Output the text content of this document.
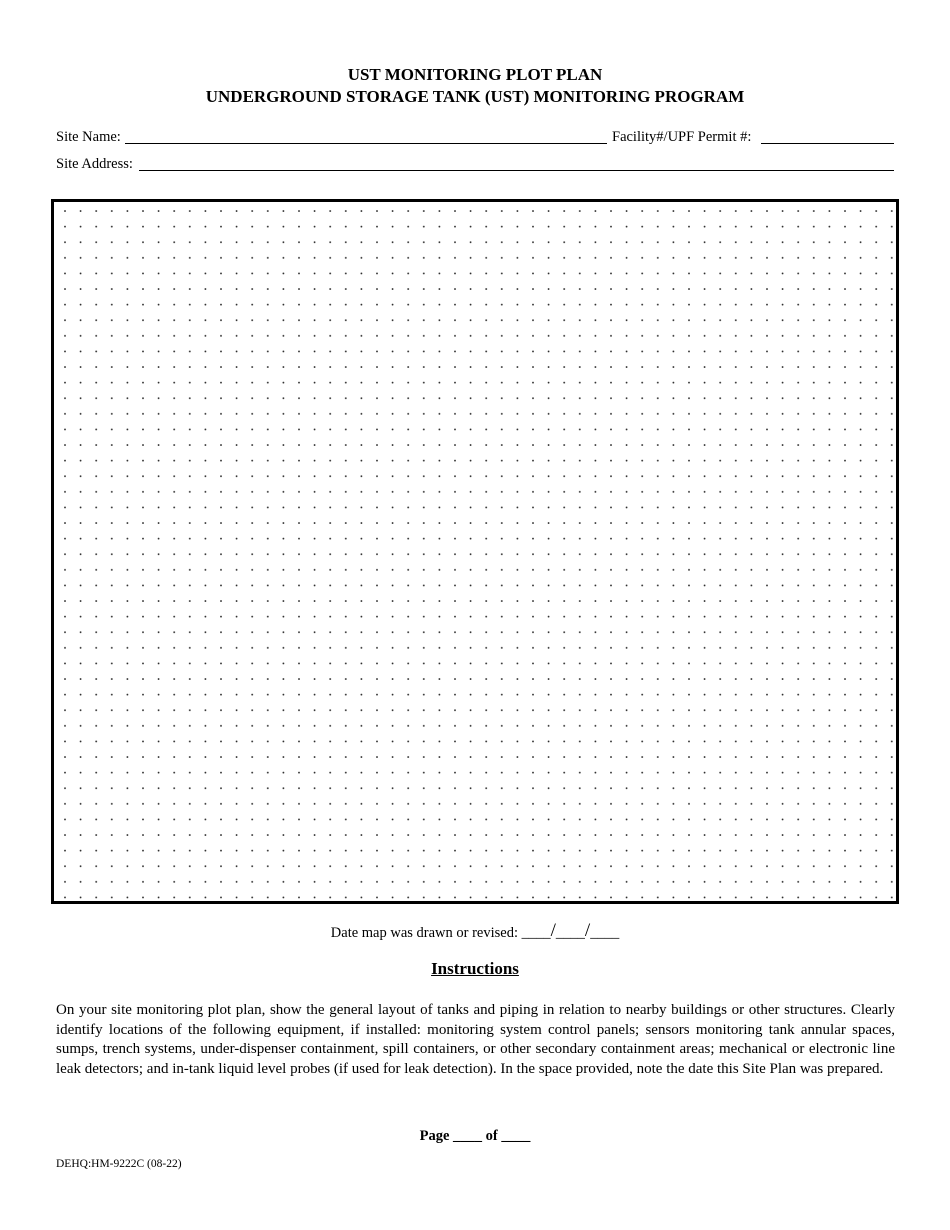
UST MONITORING PLOT PLAN
UNDERGROUND STORAGE TANK (UST) MONITORING PROGRAM
Site Name:	Facility#/UPF Permit #:
Site Address:
Date map was drawn or revised: ____/____/____
Instructions
On your site monitoring plot plan, show the general layout of tanks and piping in relation to nearby buildings or other structures. Clearly identify locations of the following equipment, if installed: monitoring system control panels; sensors monitoring tank annular spaces, sumps, trench systems, under-dispenser containment, spill containers, or other secondary containment areas; mechanical or electronic line leak detectors; and in-tank liquid level probes (if used for leak detection). In the space provided, note the date this Site Plan was prepared.
Page ____ of ____
DEHQ:HM-9222C (08-22)
